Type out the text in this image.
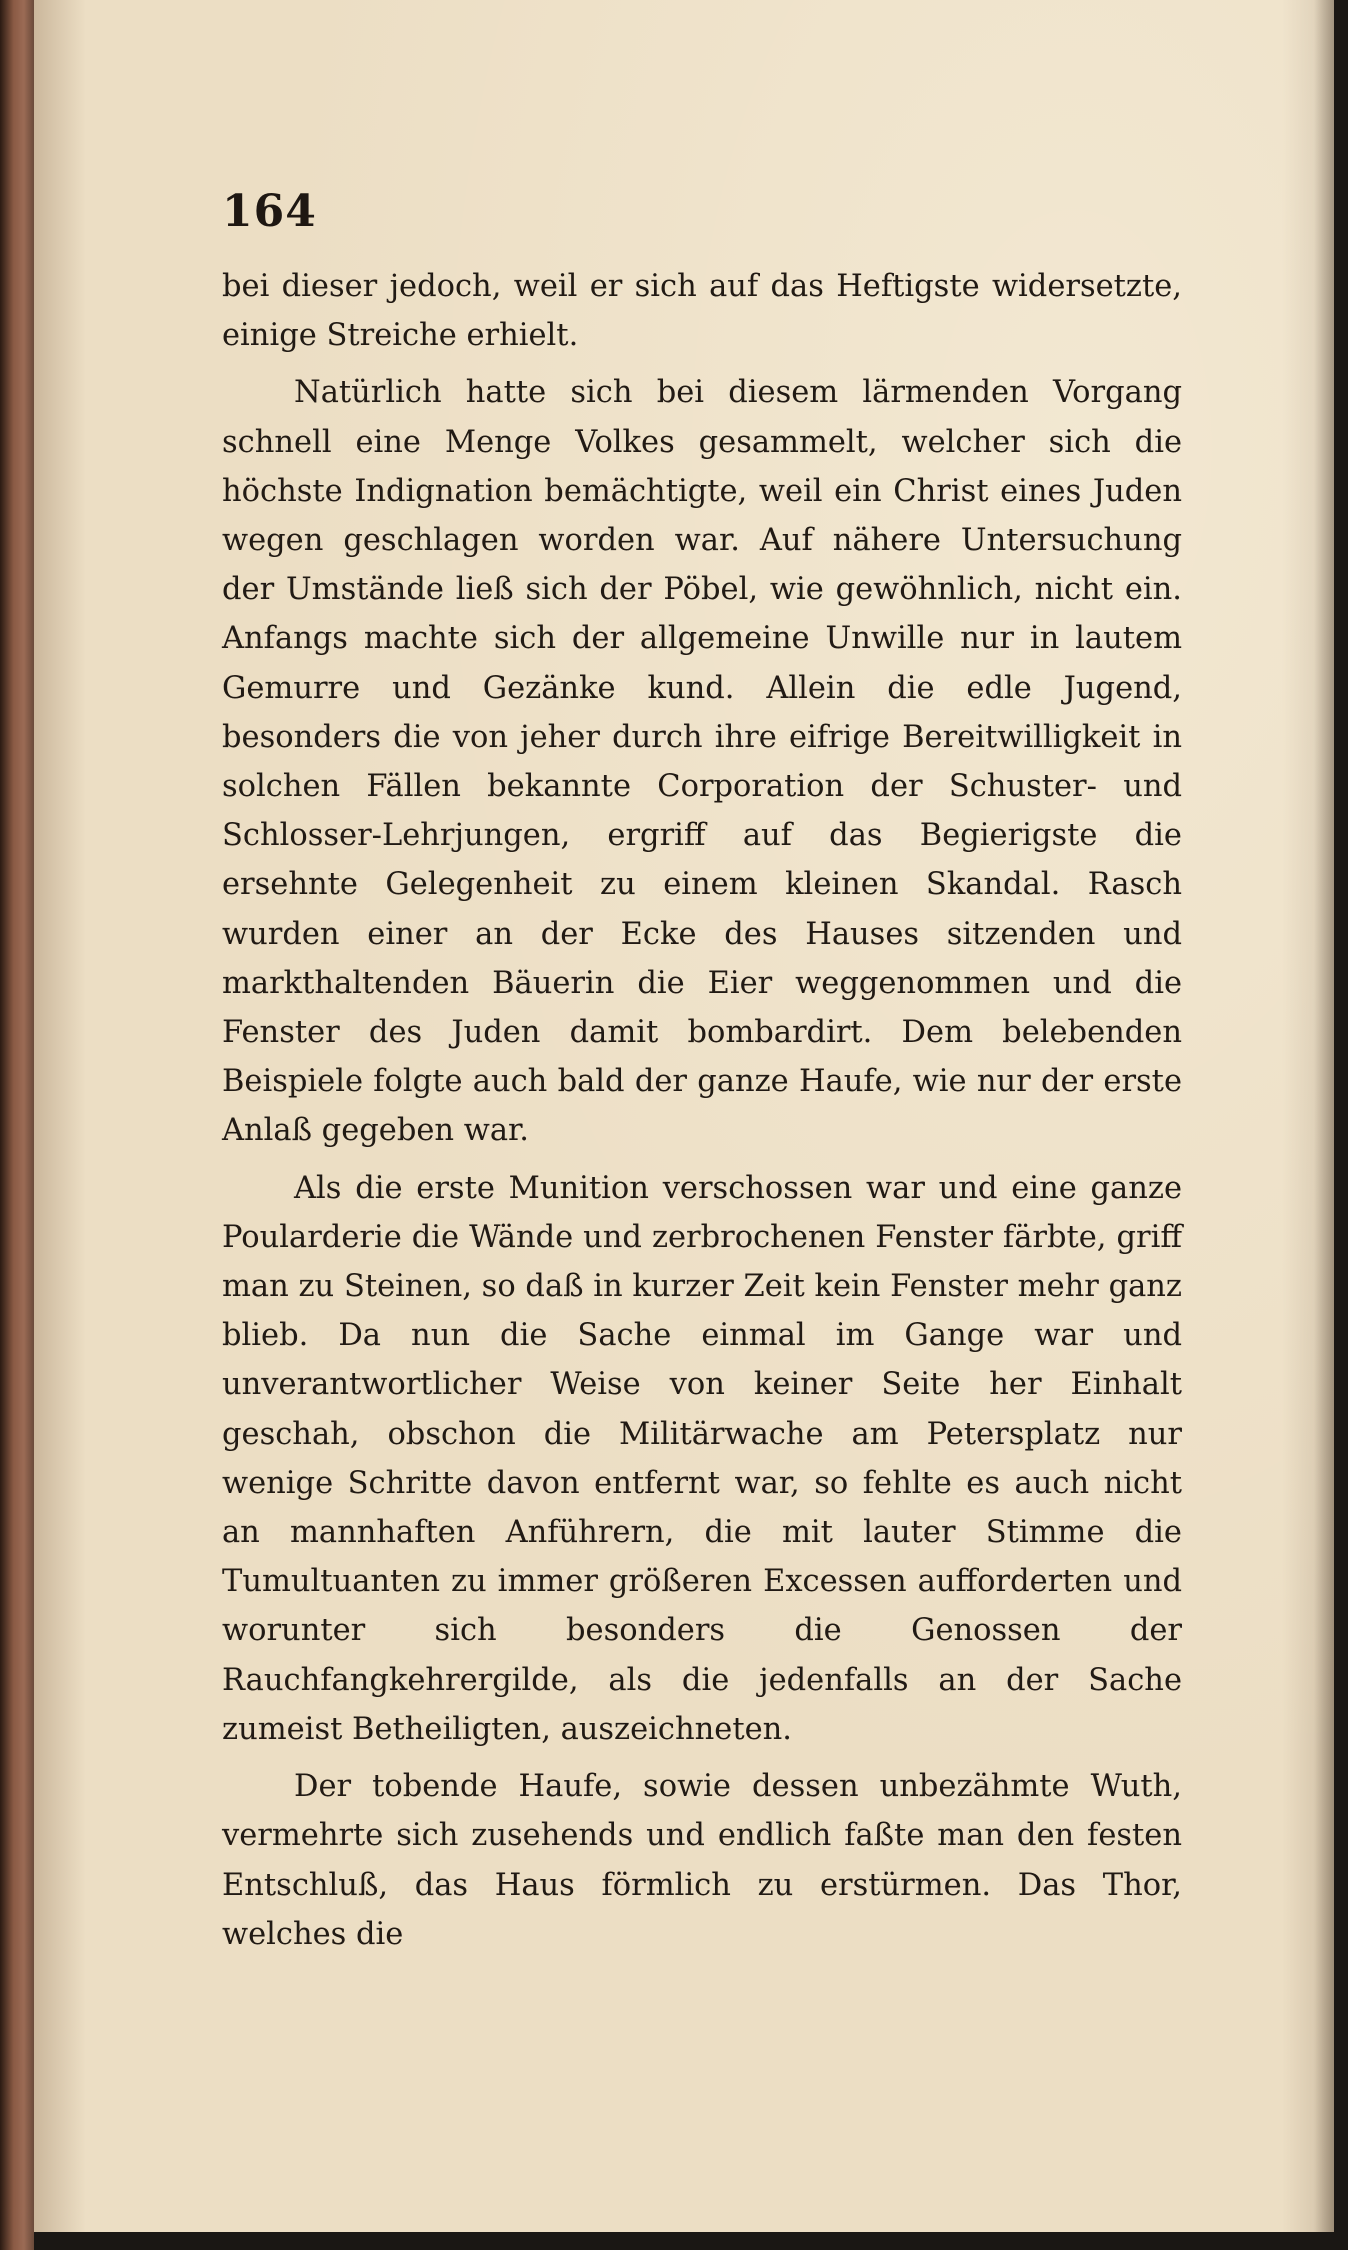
164

bei dieser jedoch, weil er sich auf das Heftigste widersetzte, einige Streiche erhielt.

Natürlich hatte sich bei diesem lärmenden Vorgang schnell eine Menge Volkes gesammelt, welcher sich die höchste Indignation bemächtigte, weil ein Christ eines Juden wegen geschlagen worden war. Auf nähere Untersuchung der Umstände ließ sich der Pöbel, wie gewöhnlich, nicht ein. Anfangs machte sich der allgemeine Unwille nur in lautem Gemurre und Gezänke kund. Allein die edle Jugend, besonders die von jeher durch ihre eifrige Bereitwilligkeit in solchen Fällen bekannte Corporation der Schuster- und Schlosser-Lehrjungen, ergriff auf das Begierigste die ersehnte Gelegenheit zu einem kleinen Skandal. Rasch wurden einer an der Ecke des Hauses sitzenden und markthaltenden Bäuerin die Eier weggenommen und die Fenster des Juden damit bombardirt. Dem belebenden Beispiele folgte auch bald der ganze Haufe, wie nur der erste Anlaß gegeben war.

Als die erste Munition verschossen war und eine ganze Poularderie die Wände und zerbrochenen Fenster färbte, griff man zu Steinen, so daß in kurzer Zeit kein Fenster mehr ganz blieb. Da nun die Sache einmal im Gange war und unverantwortlicher Weise von keiner Seite her Einhalt geschah, obschon die Militärwache am Petersplatz nur wenige Schritte davon entfernt war, so fehlte es auch nicht an mannhaften Anführern, die mit lauter Stimme die Tumultuanten zu immer größeren Excessen aufforderten und worunter sich besonders die Genossen der Rauchfangkehrergilde, als die jedenfalls an der Sache zumeist Betheiligten, auszeichneten.

Der tobende Haufe, sowie dessen unbezähmte Wuth, vermehrte sich zusehends und endlich faßte man den festen Entschluß, das Haus förmlich zu erstürmen. Das Thor, welches die
